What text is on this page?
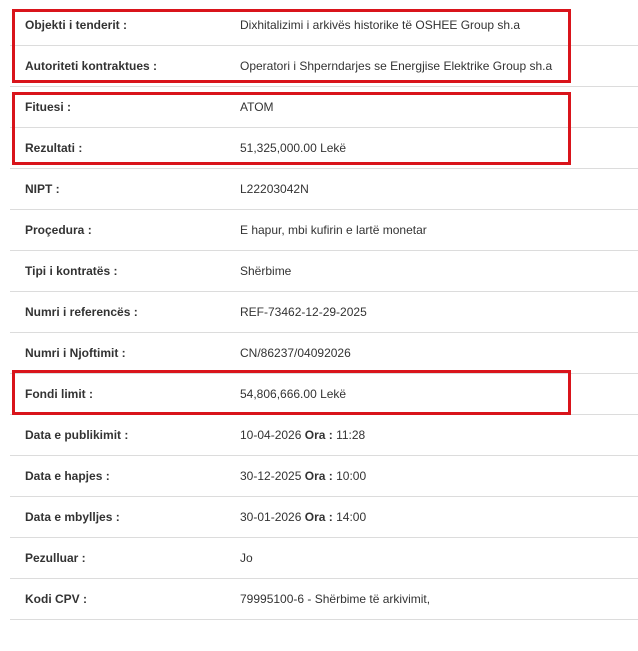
Objekti i tenderit :	Dixhitalizimi i arkivës historike të OSHEE Group sh.a
Autoriteti kontraktues :	Operatori i Shperndarjes se Energjise Elektrike Group sh.a
Fituesi :	ATOM
Rezultati :	51,325,000.00 Lekë
NIPT :	L22203042N
Proçedura :	E hapur, mbi kufirin e lartë monetar
Tipi i kontratës :	Shërbime
Numri i referencës :	REF-73462-12-29-2025
Numri i Njoftimit :	CN/86237/04092026
Fondi limit :	54,806,666.00 Lekë
Data e publikimit :	10-04-2026 Ora : 11:28
Data e hapjes :	30-12-2025 Ora : 10:00
Data e mbylljes :	30-01-2026 Ora : 14:00
Pezulluar :	Jo
Kodi CPV :	79995100-6 - Shërbime të arkivimit,
